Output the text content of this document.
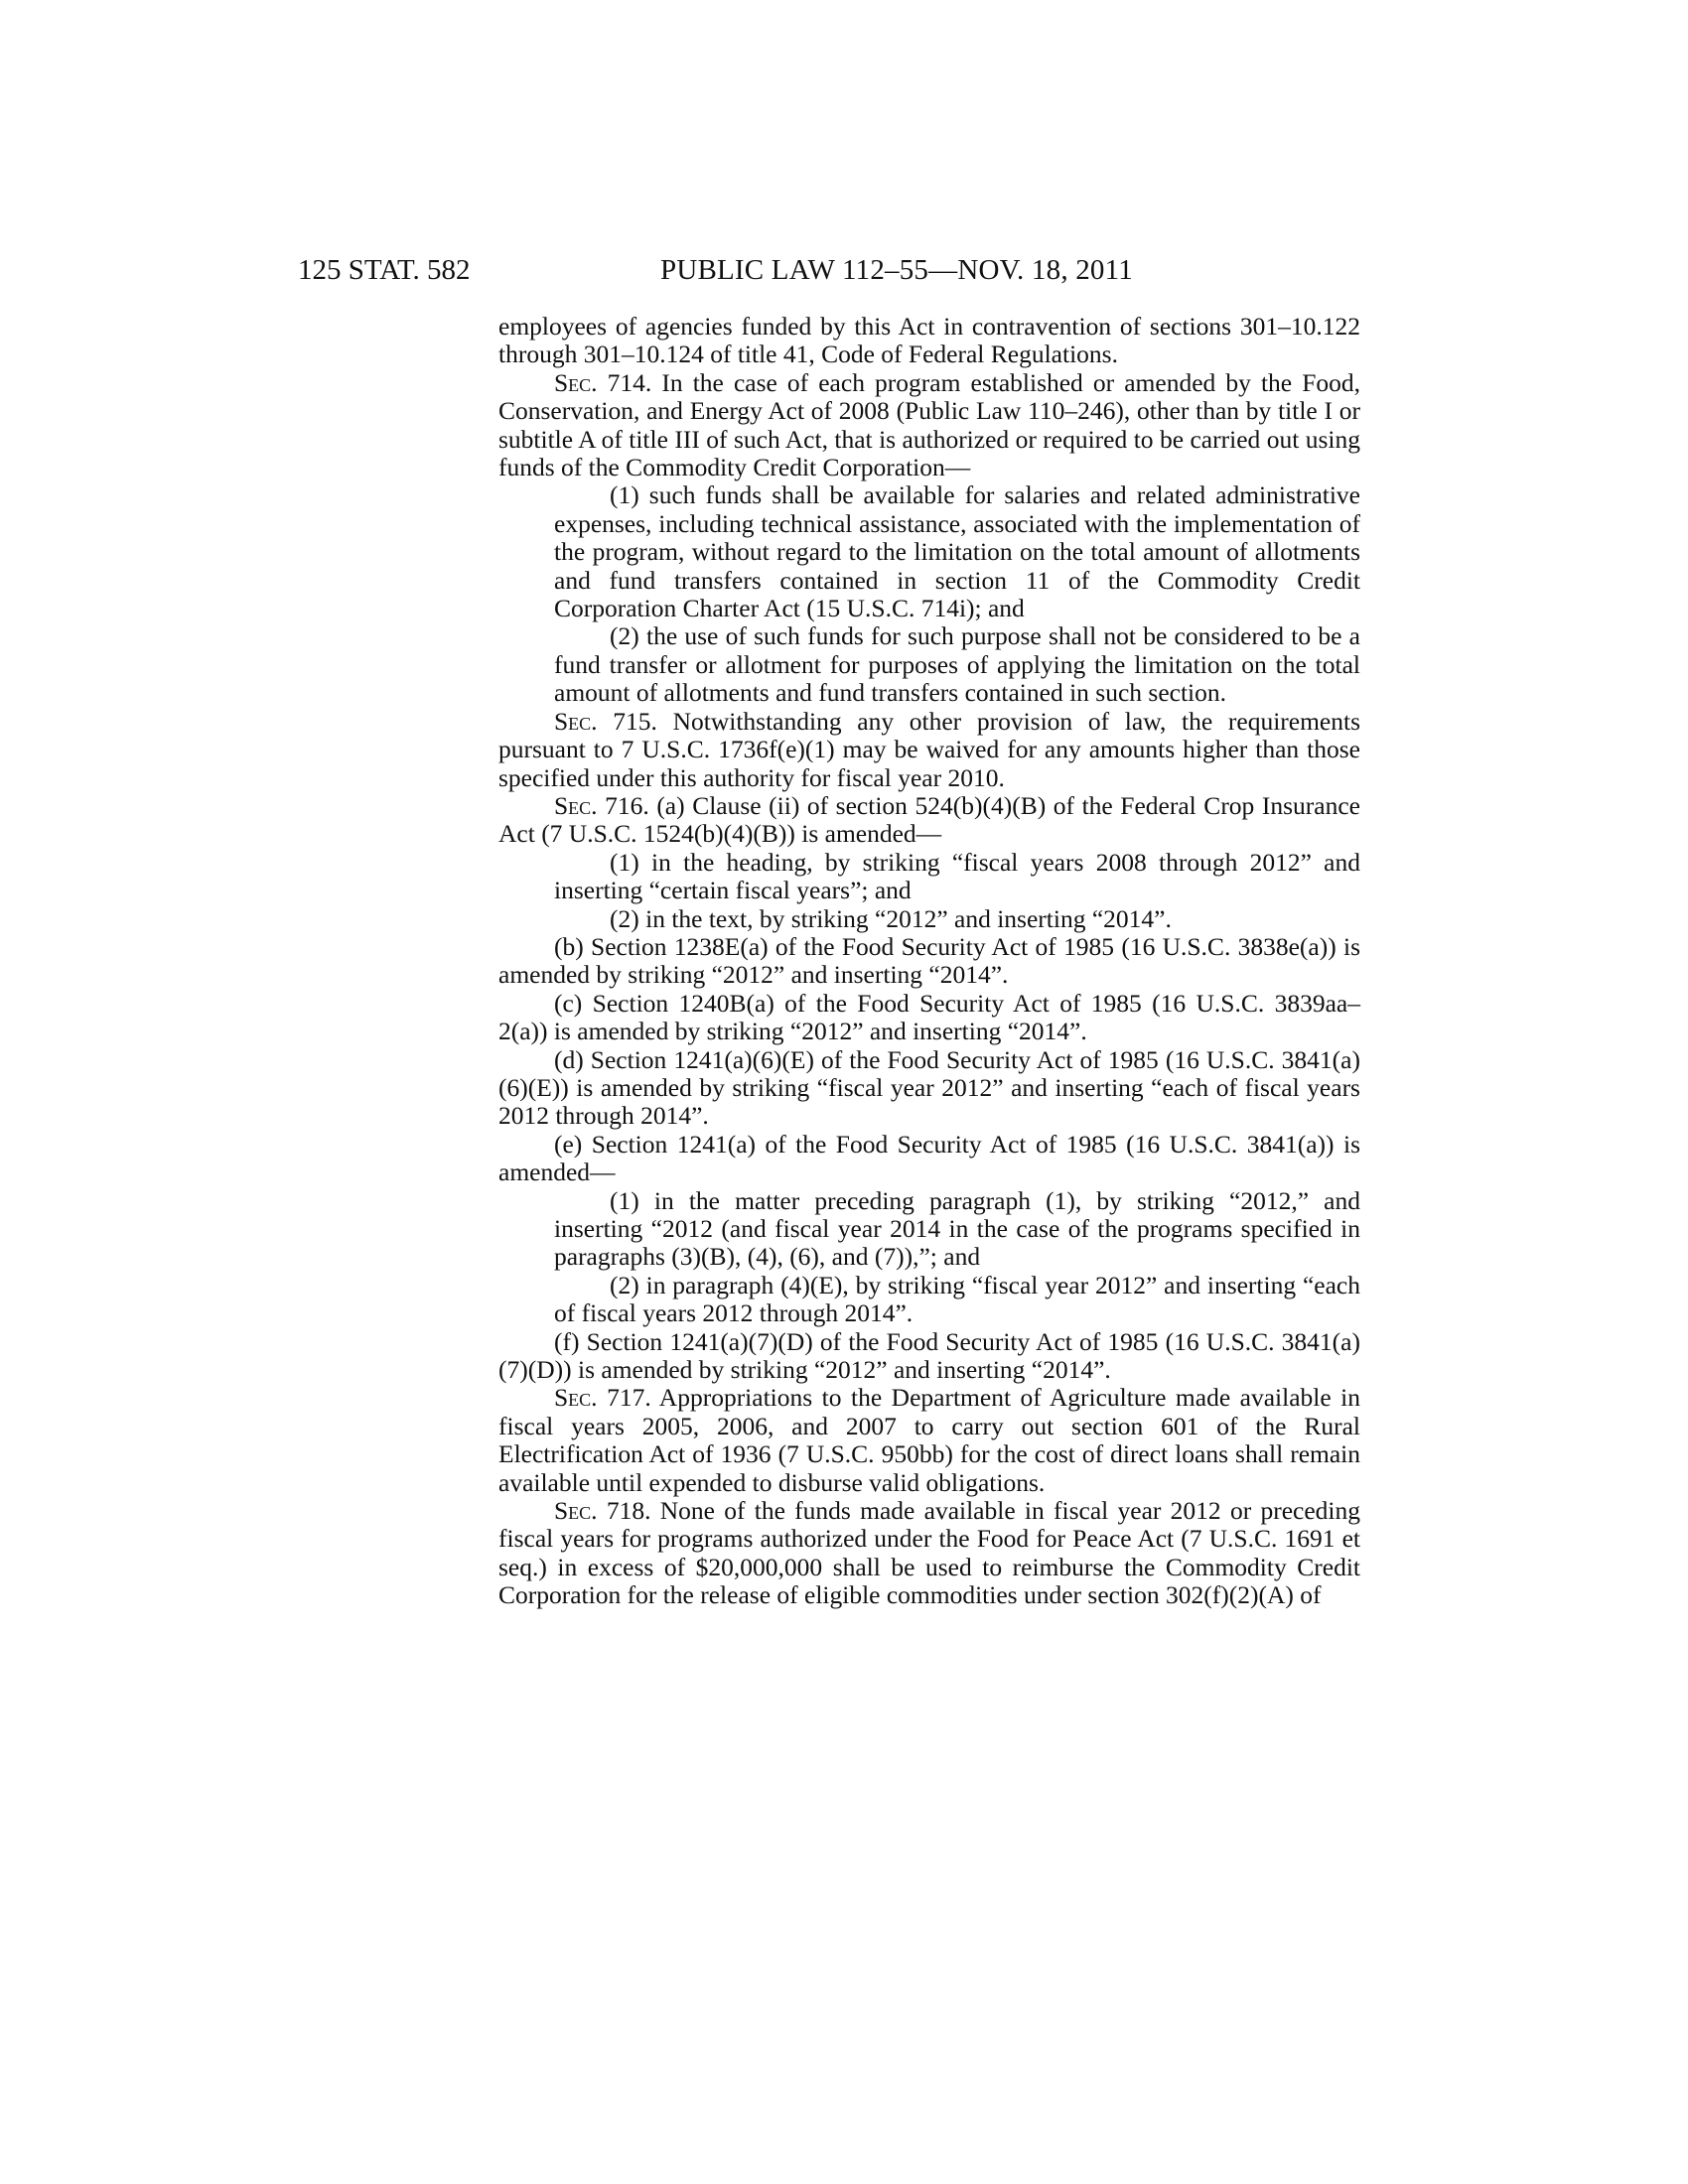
125 STAT. 582	PUBLIC LAW 112–55—NOV. 18, 2011

employees of agencies funded by this Act in contravention of sections 301–10.122 through 301–10.124 of title 41, Code of Federal Regulations.

Sec. 714. In the case of each program established or amended by the Food, Conservation, and Energy Act of 2008 (Public Law 110–246), other than by title I or subtitle A of title III of such Act, that is authorized or required to be carried out using funds of the Commodity Credit Corporation—

(1) such funds shall be available for salaries and related administrative expenses, including technical assistance, associated with the implementation of the program, without regard to the limitation on the total amount of allotments and fund transfers contained in section 11 of the Commodity Credit Corporation Charter Act (15 U.S.C. 714i); and

(2) the use of such funds for such purpose shall not be considered to be a fund transfer or allotment for purposes of applying the limitation on the total amount of allotments and fund transfers contained in such section.

Sec. 715. Notwithstanding any other provision of law, the requirements pursuant to 7 U.S.C. 1736f(e)(1) may be waived for any amounts higher than those specified under this authority for fiscal year 2010.

Sec. 716. (a) Clause (ii) of section 524(b)(4)(B) of the Federal Crop Insurance Act (7 U.S.C. 1524(b)(4)(B)) is amended—

(1) in the heading, by striking “fiscal years 2008 through 2012” and inserting “certain fiscal years”; and

(2) in the text, by striking “2012” and inserting “2014”.

(b) Section 1238E(a) of the Food Security Act of 1985 (16 U.S.C. 3838e(a)) is amended by striking “2012” and inserting “2014”.

(c) Section 1240B(a) of the Food Security Act of 1985 (16 U.S.C. 3839aa–2(a)) is amended by striking “2012” and inserting “2014”.

(d) Section 1241(a)(6)(E) of the Food Security Act of 1985 (16 U.S.C. 3841(a)(6)(E)) is amended by striking “fiscal year 2012” and inserting “each of fiscal years 2012 through 2014”.

(e) Section 1241(a) of the Food Security Act of 1985 (16 U.S.C. 3841(a)) is amended—

(1) in the matter preceding paragraph (1), by striking “2012,” and inserting “2012 (and fiscal year 2014 in the case of the programs specified in paragraphs (3)(B), (4), (6), and (7)),”; and

(2) in paragraph (4)(E), by striking “fiscal year 2012” and inserting “each of fiscal years 2012 through 2014”.

(f) Section 1241(a)(7)(D) of the Food Security Act of 1985 (16 U.S.C. 3841(a)(7)(D)) is amended by striking “2012” and inserting “2014”.

Sec. 717. Appropriations to the Department of Agriculture made available in fiscal years 2005, 2006, and 2007 to carry out section 601 of the Rural Electrification Act of 1936 (7 U.S.C. 950bb) for the cost of direct loans shall remain available until expended to disburse valid obligations.

Sec. 718. None of the funds made available in fiscal year 2012 or preceding fiscal years for programs authorized under the Food for Peace Act (7 U.S.C. 1691 et seq.) in excess of $20,000,000 shall be used to reimburse the Commodity Credit Corporation for the release of eligible commodities under section 302(f)(2)(A) of
